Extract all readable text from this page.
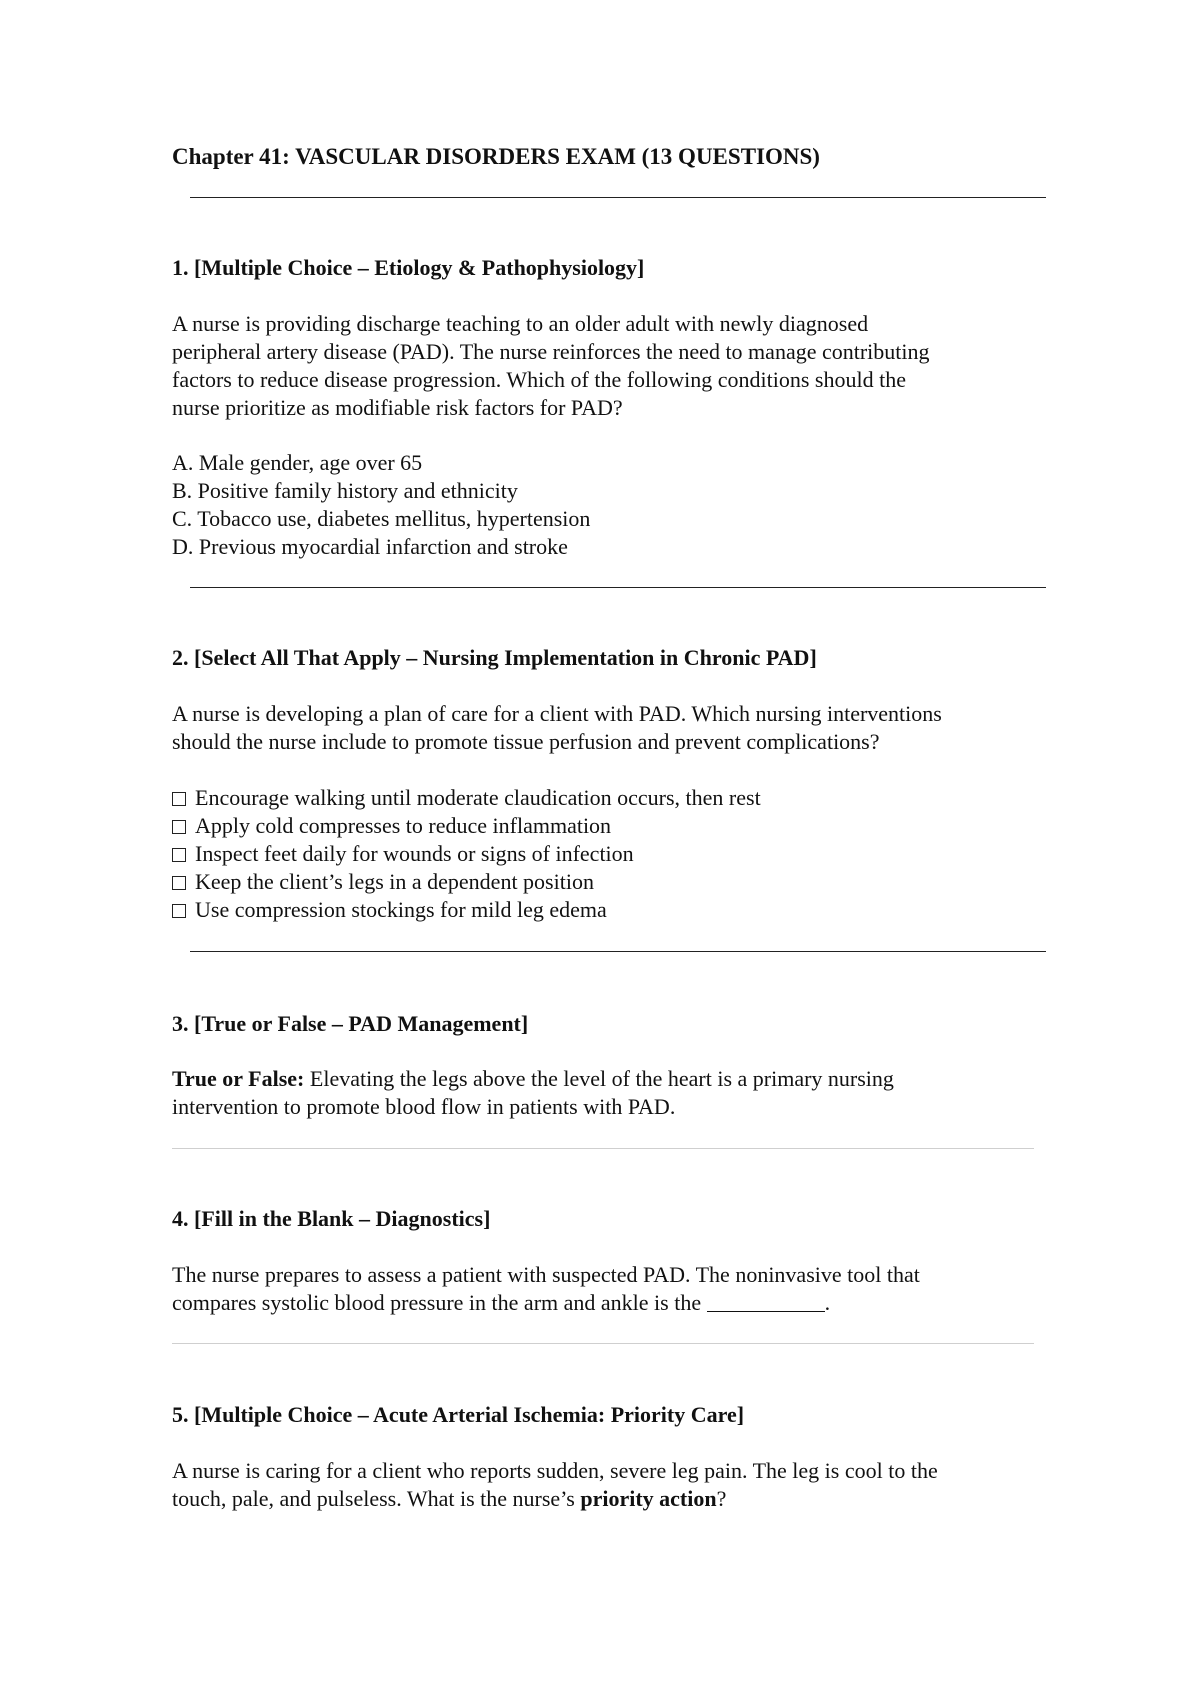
Chapter 41: VASCULAR DISORDERS EXAM (13 QUESTIONS)
1. [Multiple Choice – Etiology & Pathophysiology]
A nurse is providing discharge teaching to an older adult with newly diagnosed
peripheral artery disease (PAD). The nurse reinforces the need to manage contributing
factors to reduce disease progression. Which of the following conditions should the
nurse prioritize as modifiable risk factors for PAD?
A. Male gender, age over 65
B. Positive family history and ethnicity
C. Tobacco use, diabetes mellitus, hypertension
D. Previous myocardial infarction and stroke
2. [Select All That Apply – Nursing Implementation in Chronic PAD]
A nurse is developing a plan of care for a client with PAD. Which nursing interventions
should the nurse include to promote tissue perfusion and prevent complications?
Encourage walking until moderate claudication occurs, then rest
Apply cold compresses to reduce inflammation
Inspect feet daily for wounds or signs of infection
Keep the client’s legs in a dependent position
Use compression stockings for mild leg edema
3. [True or False – PAD Management]
True or False: Elevating the legs above the level of the heart is a primary nursing
intervention to promote blood flow in patients with PAD.
4. [Fill in the Blank – Diagnostics]
The nurse prepares to assess a patient with suspected PAD. The noninvasive tool that
compares systolic blood pressure in the arm and ankle is the	.
5. [Multiple Choice – Acute Arterial Ischemia: Priority Care]
A nurse is caring for a client who reports sudden, severe leg pain. The leg is cool to the
touch, pale, and pulseless. What is the nurse’s priority action?
